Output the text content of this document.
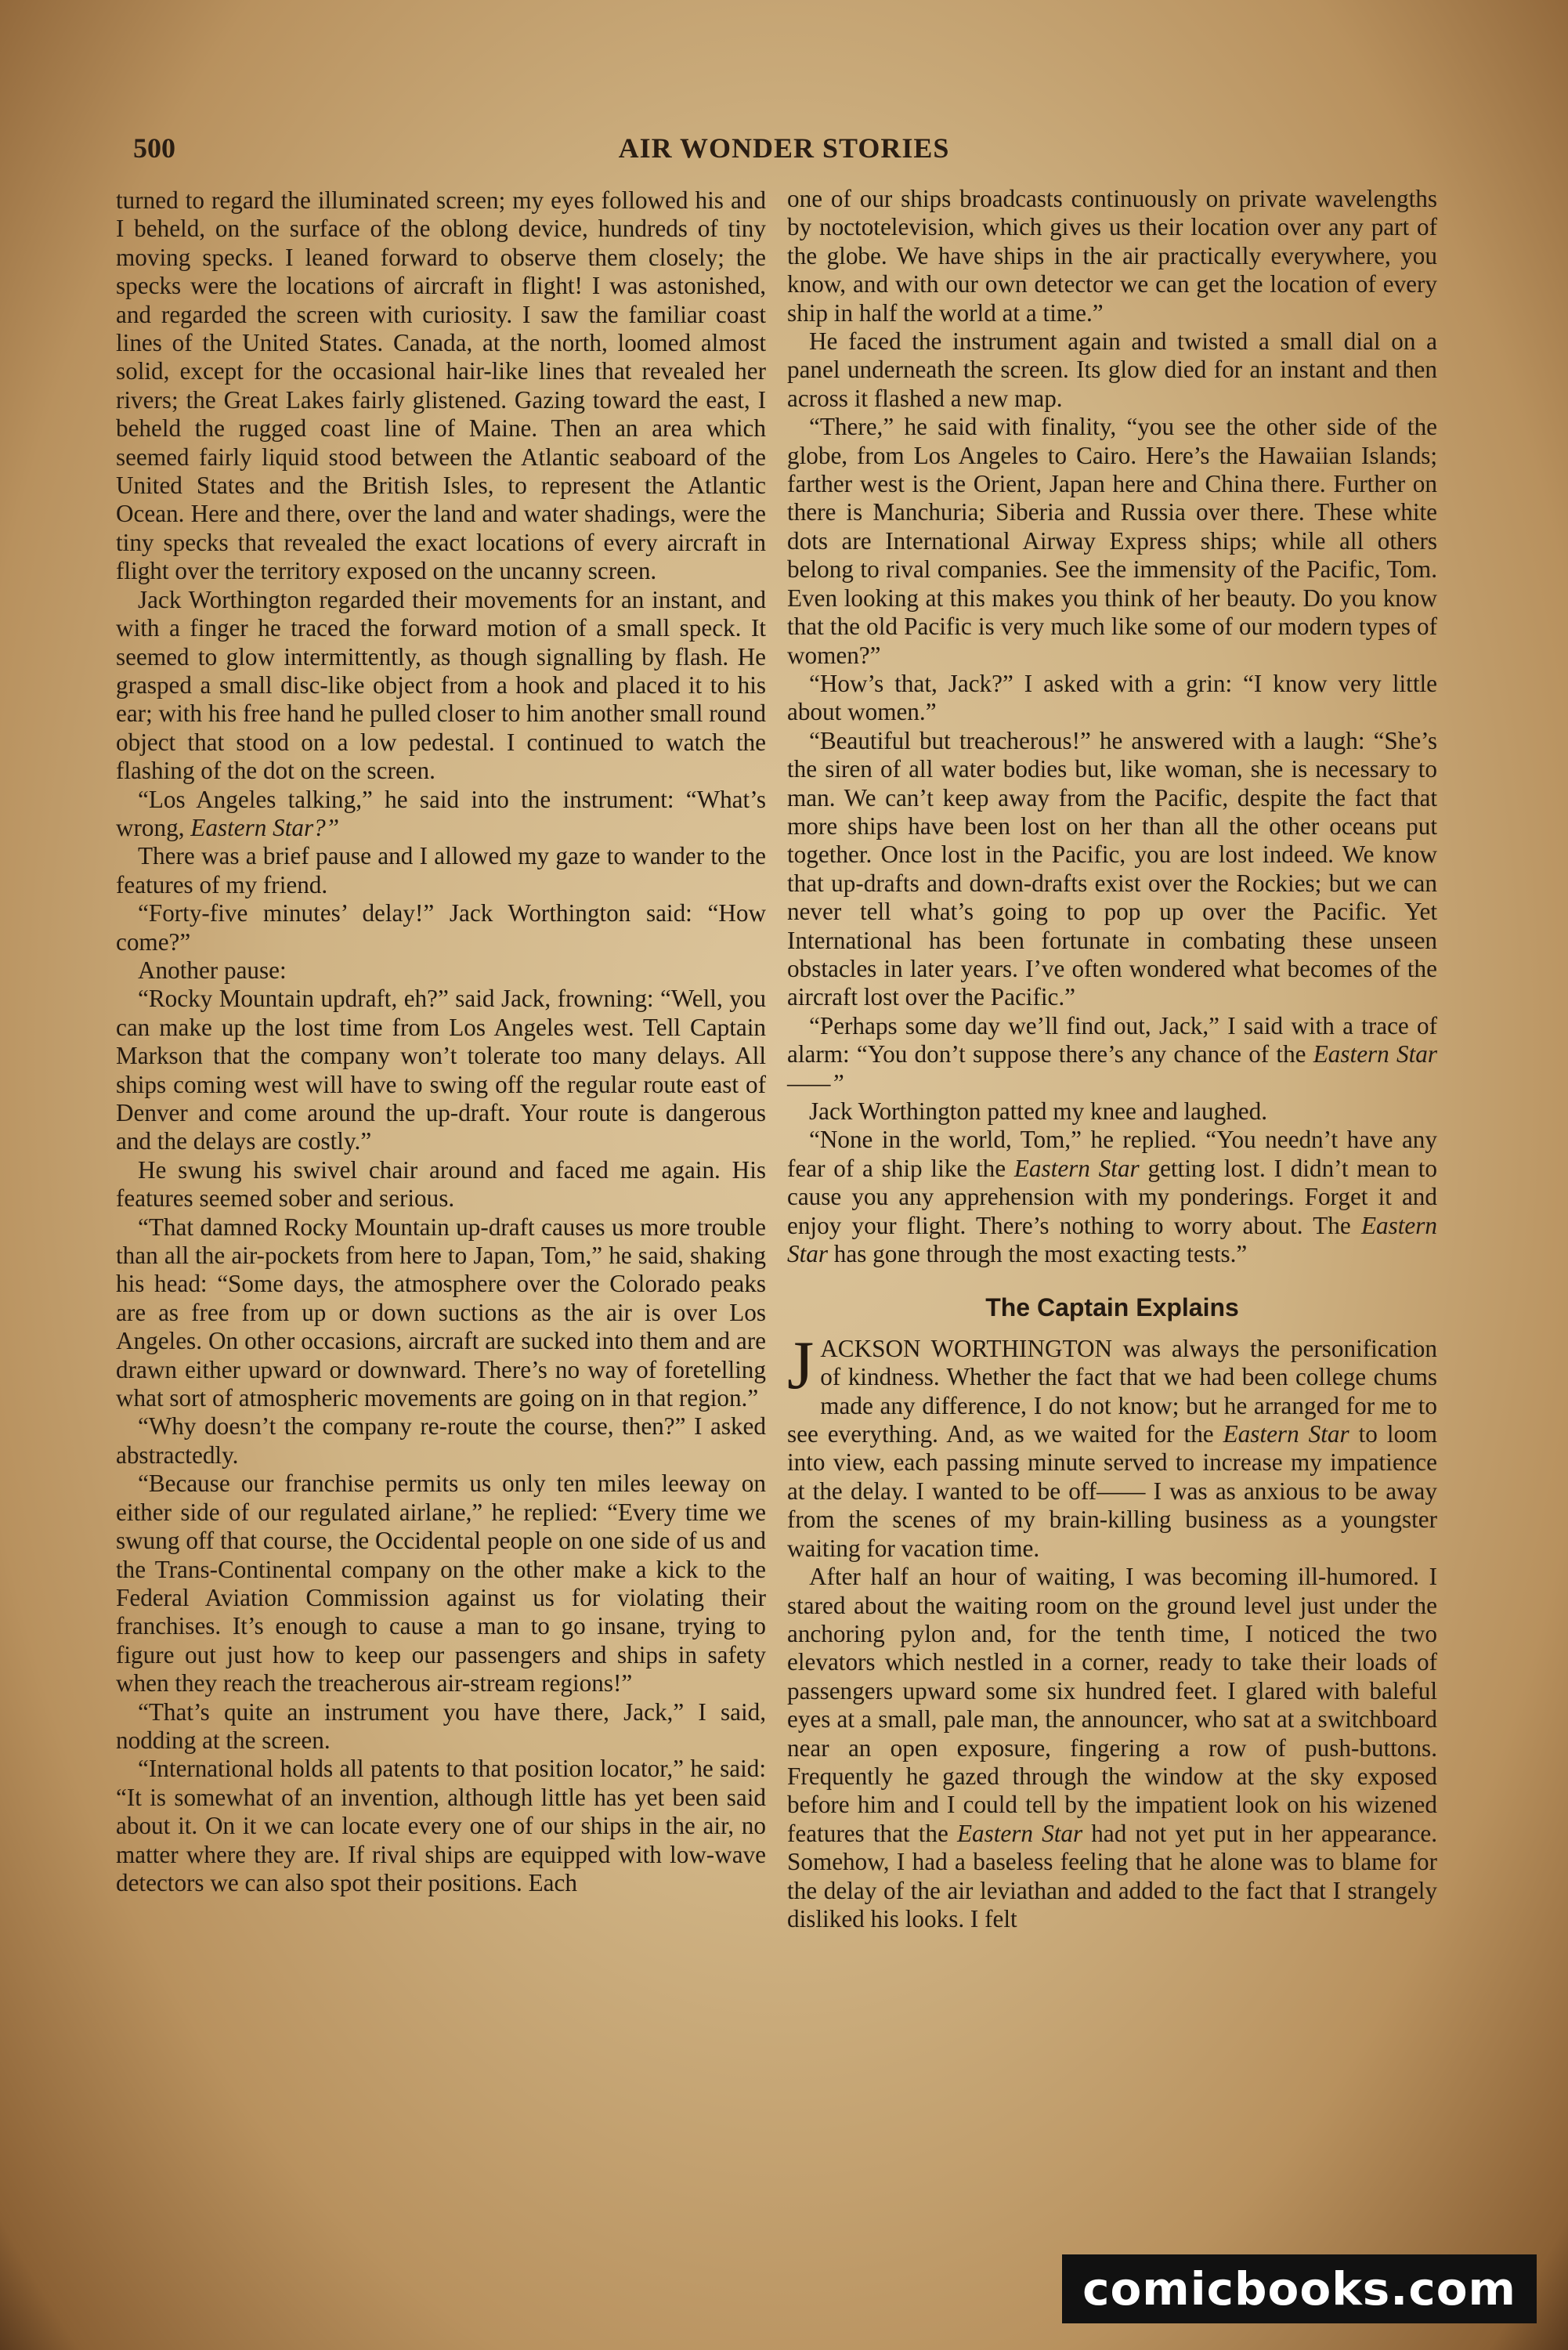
500	AIR WONDER STORIES

turned to regard the illuminated screen; my eyes followed his and I beheld, on the surface of the oblong device, hundreds of tiny moving specks. I leaned forward to observe them closely; the specks were the locations of aircraft in flight! I was astonished, and regarded the screen with curiosity. I saw the familiar coast lines of the United States. Canada, at the north, loomed almost solid, except for the occasional hair-like lines that revealed her rivers; the Great Lakes fairly glistened. Gazing toward the east, I beheld the rugged coast line of Maine. Then an area which seemed fairly liquid stood between the Atlantic seaboard of the United States and the British Isles, to represent the Atlantic Ocean. Here and there, over the land and water shadings, were the tiny specks that revealed the exact locations of every aircraft in flight over the territory exposed on the uncanny screen.

Jack Worthington regarded their movements for an instant, and with a finger he traced the forward motion of a small speck. It seemed to glow intermittently, as though signalling by flash. He grasped a small disc-like object from a hook and placed it to his ear; with his free hand he pulled closer to him another small round object that stood on a low pedestal. I continued to watch the flashing of the dot on the screen.

“Los Angeles talking,” he said into the instrument: “What’s wrong, Eastern Star?”

There was a brief pause and I allowed my gaze to wander to the features of my friend.

“Forty-five minutes’ delay!” Jack Worthington said: “How come?”

Another pause:

“Rocky Mountain updraft, eh?” said Jack, frowning: “Well, you can make up the lost time from Los Angeles west. Tell Captain Markson that the company won’t tolerate too many delays. All ships coming west will have to swing off the regular route east of Denver and come around the up-draft. Your route is dangerous and the delays are costly.”

He swung his swivel chair around and faced me again. His features seemed sober and serious.

“That damned Rocky Mountain up-draft causes us more trouble than all the air-pockets from here to Japan, Tom,” he said, shaking his head: “Some days, the atmosphere over the Colorado peaks are as free from up or down suctions as the air is over Los Angeles. On other occasions, aircraft are sucked into them and are drawn either upward or downward. There’s no way of foretelling what sort of atmospheric movements are going on in that region.”

“Why doesn’t the company re-route the course, then?” I asked abstractedly.

“Because our franchise permits us only ten miles leeway on either side of our regulated airlane,” he replied: “Every time we swung off that course, the Occidental people on one side of us and the Trans-Continental company on the other make a kick to the Federal Aviation Commission against us for violating their franchises. It’s enough to cause a man to go insane, trying to figure out just how to keep our passengers and ships in safety when they reach the treacherous air-stream regions!”

“That’s quite an instrument you have there, Jack,” I said, nodding at the screen.

“International holds all patents to that position locator,” he said: “It is somewhat of an invention, although little has yet been said about it. On it we can locate every one of our ships in the air, no matter where they are. If rival ships are equipped with low-wave detectors we can also spot their positions. Each

one of our ships broadcasts continuously on private wavelengths by noctotelevision, which gives us their location over any part of the globe. We have ships in the air practically everywhere, you know, and with our own detector we can get the location of every ship in half the world at a time.”

He faced the instrument again and twisted a small dial on a panel underneath the screen. Its glow died for an instant and then across it flashed a new map.

“There,” he said with finality, “you see the other side of the globe, from Los Angeles to Cairo. Here’s the Hawaiian Islands; farther west is the Orient, Japan here and China there. Further on there is Manchuria; Siberia and Russia over there. These white dots are International Airway Express ships; while all others belong to rival companies. See the immensity of the Pacific, Tom. Even looking at this makes you think of her beauty. Do you know that the old Pacific is very much like some of our modern types of women?”

“How’s that, Jack?” I asked with a grin: “I know very little about women.”

“Beautiful but treacherous!” he answered with a laugh: “She’s the siren of all water bodies but, like woman, she is necessary to man. We can’t keep away from the Pacific, despite the fact that more ships have been lost on her than all the other oceans put together. Once lost in the Pacific, you are lost indeed. We know that up-drafts and down-drafts exist over the Rockies; but we can never tell what’s going to pop up over the Pacific. Yet International has been fortunate in combating these unseen obstacles in later years. I’ve often wondered what becomes of the aircraft lost over the Pacific.”

“Perhaps some day we’ll find out, Jack,” I said with a trace of alarm: “You don’t suppose there’s any chance of the Eastern Star——”

Jack Worthington patted my knee and laughed.

“None in the world, Tom,” he replied. “You needn’t have any fear of a ship like the Eastern Star getting lost. I didn’t mean to cause you any apprehension with my ponderings. Forget it and enjoy your flight. There’s nothing to worry about. The Eastern Star has gone through the most exacting tests.”

The Captain Explains

JACKSON WORTHINGTON was always the personification of kindness. Whether the fact that we had been college chums made any difference, I do not know; but he arranged for me to see everything. And, as we waited for the Eastern Star to loom into view, each passing minute served to increase my impatience at the delay. I wanted to be off—— I was as anxious to be away from the scenes of my brain-killing business as a youngster waiting for vacation time.

After half an hour of waiting, I was becoming ill-humored. I stared about the waiting room on the ground level just under the anchoring pylon and, for the tenth time, I noticed the two elevators which nestled in a corner, ready to take their loads of passengers upward some six hundred feet. I glared with baleful eyes at a small, pale man, the announcer, who sat at a switchboard near an open exposure, fingering a row of push-buttons. Frequently he gazed through the window at the sky exposed before him and I could tell by the impatient look on his wizened features that the Eastern Star had not yet put in her appearance. Somehow, I had a baseless feeling that he alone was to blame for the delay of the air leviathan and added to the fact that I strangely disliked his looks. I felt

comicbooks.com
